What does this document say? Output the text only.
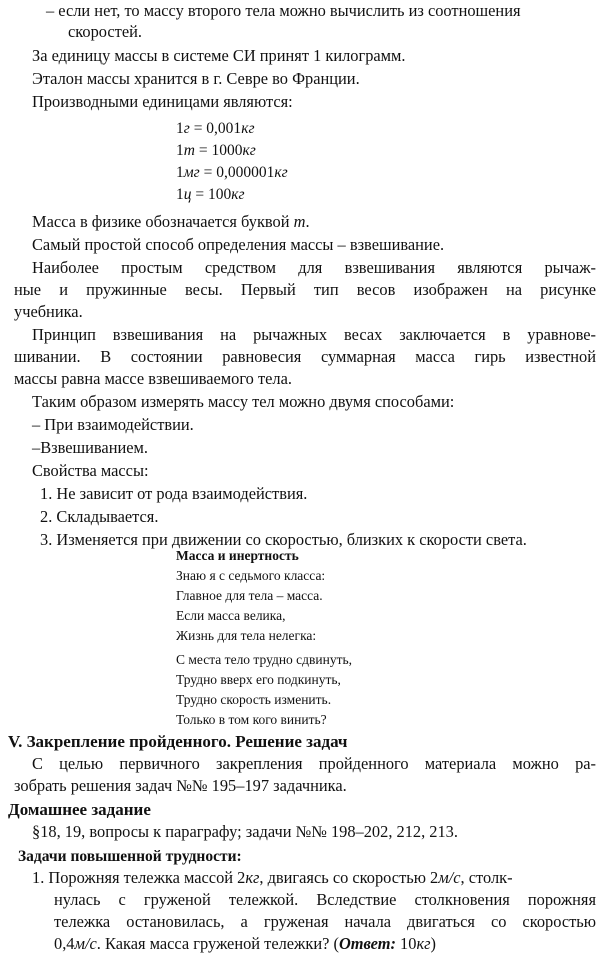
– если нет, то массу второго тела можно вычислить из соотношения
скоростей.
За единицу массы в системе СИ принят 1 килограмм.
Эталон массы хранится в г. Севре во Франции.
Производными единицами являются:
1г = 0,001кг
1т = 1000кг
1мг = 0,000001кг
1ц = 100кг
Масса в физике обозначается буквой m.
Самый простой способ определения массы – взвешивание.
Наиболее простым средством для взвешивания являются рычаж-
ные и пружинные весы. Первый тип весов изображен на рисунке
учебника.
Принцип взвешивания на рычажных весах заключается в уравнове-
шивании. В состоянии равновесия суммарная масса гирь известной
массы равна массе взвешиваемого тела.
Таким образом измерять массу тел можно двумя способами:
– При взаимодействии.
–Взвешиванием.
Свойства массы:
1. Не зависит от рода взаимодействия.
2. Складывается.
3. Изменяется при движении со скоростью, близких к скорости света.
Масса и инертность
Знаю я с седьмого класса:
Главное для тела – масса.
Если масса велика,
Жизнь для тела нелегка:
С места тело трудно сдвинуть,
Трудно вверх его подкинуть,
Трудно скорость изменить.
Только в том кого винить?
V. Закрепление пройденного. Решение задач
С целью первичного закрепления пройденного материала можно ра-
зобрать решения задач №№ 195–197 задачника.
Домашнее задание
§18, 19, вопросы к параграфу; задачи №№ 198–202, 212, 213.
Задачи повышенной трудности:
1. Порожняя тележка массой 2кг, двигаясь со скоростью 2м/с, столк-
нулась с груженой тележкой. Вследствие столкновения порожняя
тележка остановилась, а груженая начала двигаться со скоростью
0,4м/с. Какая масса груженой тележки? (Ответ: 10кг)
